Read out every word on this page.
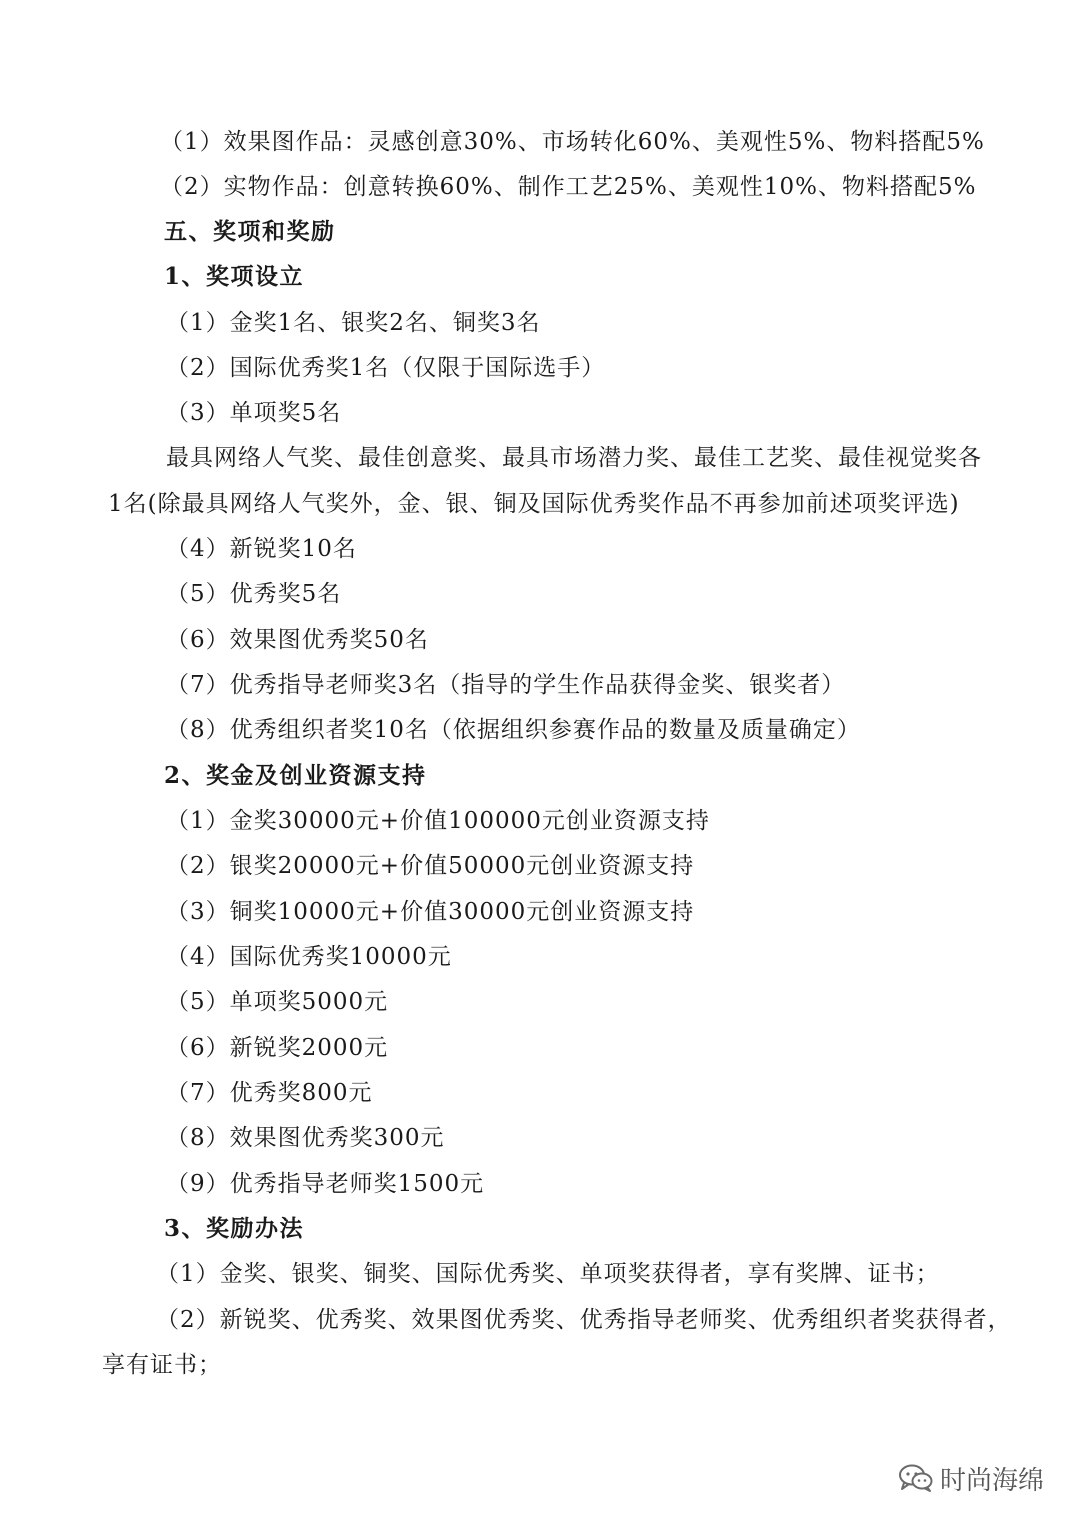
（1）效果图作品：灵感创意30%、市场转化60%、美观性5%、物料搭配5%
（2）实物作品：创意转换60%、制作工艺25%、美观性10%、物料搭配5%
五、奖项和奖励
1、奖项设立
（1）金奖1名、银奖2名、铜奖3名
（2）国际优秀奖1名（仅限于国际选手）
（3）单项奖5名
最具网络人气奖、最佳创意奖、最具市场潜力奖、最佳工艺奖、最佳视觉奖各
1名(除最具网络人气奖外，金、银、铜及国际优秀奖作品不再参加前述项奖评选)
（4）新锐奖10名
（5）优秀奖5名
（6）效果图优秀奖50名
（7）优秀指导老师奖3名（指导的学生作品获得金奖、银奖者）
（8）优秀组织者奖10名（依据组织参赛作品的数量及质量确定）
2、奖金及创业资源支持
（1）金奖30000元+价值100000元创业资源支持
（2）银奖20000元+价值50000元创业资源支持
（3）铜奖10000元+价值30000元创业资源支持
（4）国际优秀奖10000元
（5）单项奖5000元
（6）新锐奖2000元
（7）优秀奖800元
（8）效果图优秀奖300元
（9）优秀指导老师奖1500元
3、奖励办法
（1）金奖、银奖、铜奖、国际优秀奖、单项奖获得者，享有奖牌、证书；
（2）新锐奖、优秀奖、效果图优秀奖、优秀指导老师奖、优秀组织者奖获得者，
享有证书；
时尚海绵
